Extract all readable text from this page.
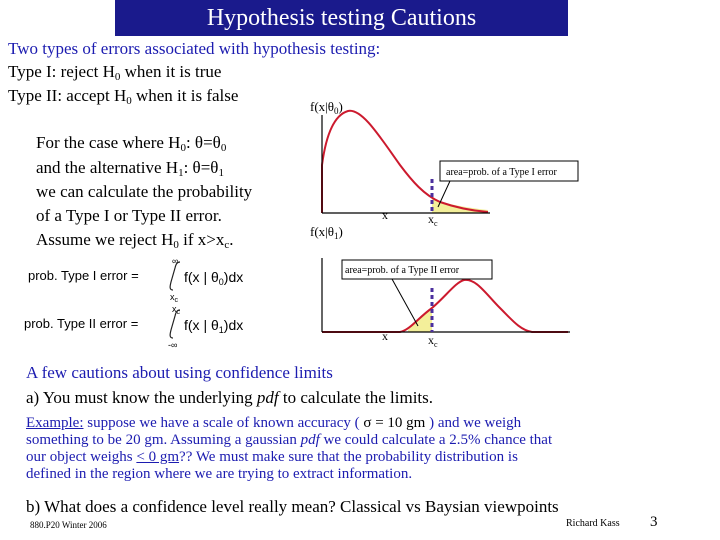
Hypothesis testing Cautions
Two types of errors associated with hypothesis testing:
Type I: reject $H_0$ when it is true
Type II: accept $H_0$ when it is false
For the case where $H_0$: $\theta=\theta_0$
and the alternative $H_1$: $\theta=\theta_1$
we can calculate the probability
of a Type I or Type II error.
Assume we reject $H_0$ if $x>x_c$.
prob. Type I error =
∞
$x_c$
f(x | $\theta_0)dx$
prob. Type II error =
$x_c$
-∞
f(x | $\theta_1)dx$
$f(x|\theta_0)$
area=prob. of a Type I error
x	$x_c$
$f(x|\theta_1)$
area=prob. of a Type II error
x	$x_c$
A few cautions about using confidence limits
a) You must know the underlying pdf to calculate the limits.
Example: suppose we have a scale of known accuracy ( σ = 10 gm ) and we weigh
something to be 20 gm. Assuming a gaussian pdf we could calculate a 2.5% chance that
our object weighs < 0 gm?? We must make sure that the probability distribution is
defined in the region where we are trying to extract information.
b) What does a confidence level really mean? Classical vs Baysian viewpoints
880.P20 Winter 2006	Richard Kass 3
